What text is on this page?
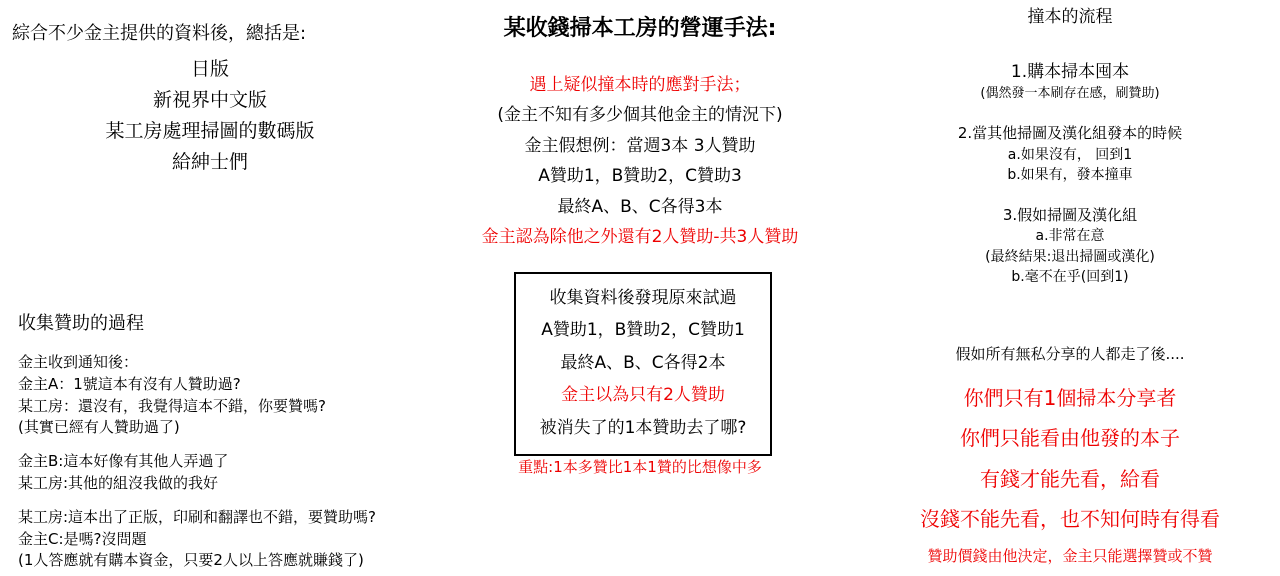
綜合不少金主提供的資料後，總括是:
日版
新視界中文版
某工房處理掃圖的數碼版
給紳士們
收集贊助的過程
金主收到通知後：
金主A：1號這本有沒有人贊助過?
某工房：還沒有，我覺得這本不錯，你要贊嗎?
(其實已經有人贊助過了)
金主B:這本好像有其他人弄過了
某工房:其他的組沒我做的我好
某工房:這本出了正版，印刷和翻譯也不錯，要贊助嗎?
金主C:是嗎?沒問題
(1人答應就有購本資金，只要2人以上答應就賺錢了)
某收錢掃本工房的營運手法:
遇上疑似撞本時的應對手法；
(金主不知有多少個其他金主的情況下)
金主假想例：當週3本 3人贊助
A贊助1，B贊助2，C贊助3
最終A、B、C各得3本
金主認為除他之外還有2人贊助-共3人贊助
收集資料後發現原來試過
A贊助1，B贊助2，C贊助1
最終A、B、C各得2本
金主以為只有2人贊助
被消失了的1本贊助去了哪?
重點:1本多贊比1本1贊的比想像中多
撞本的流程
1.購本掃本囤本
(偶然發一本刷存在感，刷贊助)

2.當其他掃圖及漢化組發本的時候
a.如果沒有， 回到1
b.如果有，發本撞車

3.假如掃圖及漢化組
a.非常在意
(最終結果:退出掃圖或漢化)
b.毫不在乎(回到1)
假如所有無私分享的人都走了後....
你們只有1個掃本分享者
你們只能看由他發的本子
有錢才能先看，給看
沒錢不能先看，也不知何時有得看
贊助價錢由他決定，金主只能選擇贊或不贊
